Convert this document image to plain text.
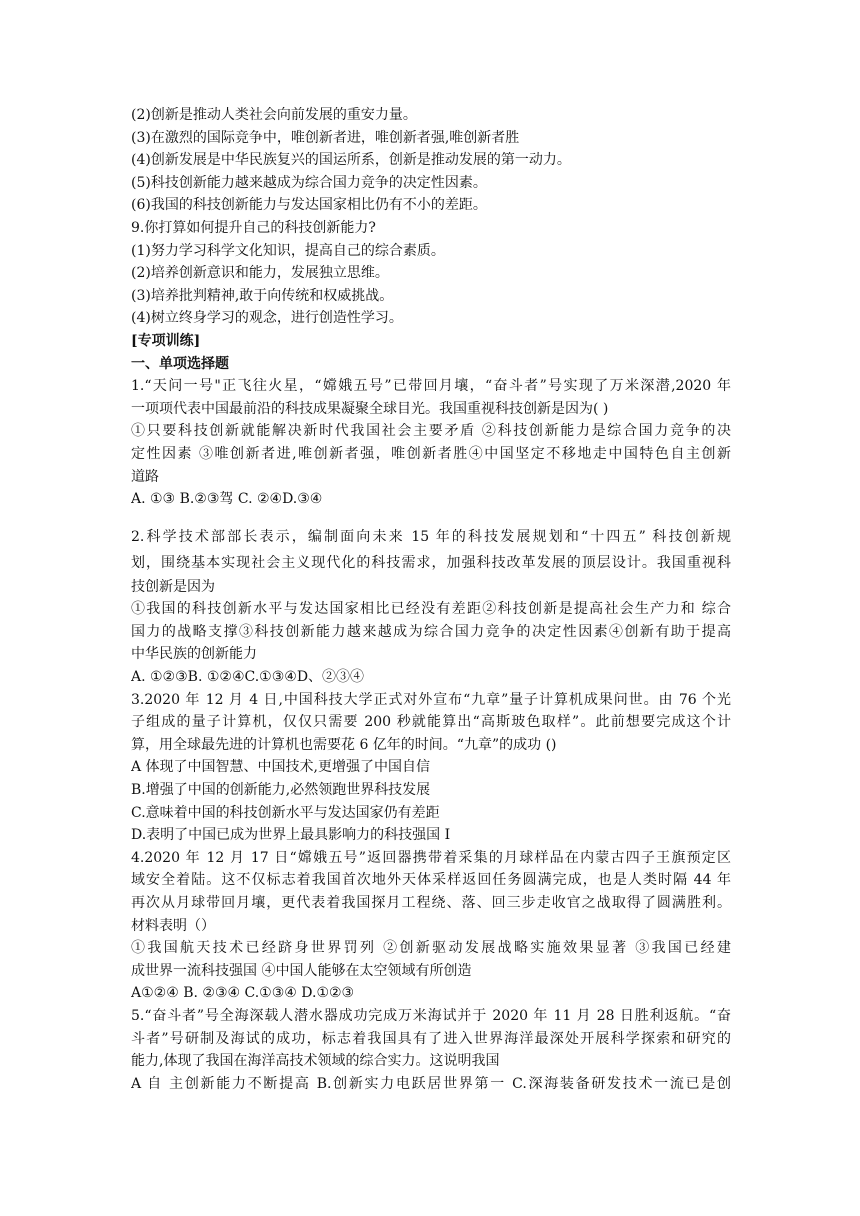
(2)创新是推动人类社会向前发展的重安力量。
(3)在激烈的国际竞争中，唯创新者进，唯创新者强,唯创新者胜
(4)创新发展是中华民族复兴的国运所系，创新是推动发展的第一动力。
(5)科技创新能力越来越成为综合国力竞争的决定性因素。
(6)我国的科技创新能力与发达国家相比仍有不小的差距。
9.你打算如何提升自己的科技创新能力?
(1)努力学习科学文化知识，提高自己的综合素质。
(2)培养创新意识和能力，发展独立思维。
(3)培养批判精神,敢于向传统和权威挑战。
(4)树立终身学习的观念，进行创造性学习。
[专项训练]
一、单项选择题
1.“天问一号"正飞往火星，“嫦娥五号”已带回月壤，“奋斗者”号实现了万米深潜,2020 年
一项项代表中国最前沿的科技成果凝聚全球目光。我国重视科技创新是因为( )
①只要科技创新就能解决新时代我国社会主要矛盾 ②科技创新能力是综合国力竞争的决
定性因素 ③唯创新者进,唯创新者强，唯创新者胜④中国坚定不移地走中国特色自主创新
道路
A. ①③ B.②③驾 C. ②④D.③④
2.科学技术部部长表示，编制面向未来 15 年的科技发展规划和“十四五” 科技创新规
划，围绕基本实现社会主义现代化的科技需求，加强科技改革发展的顶层设计。我国重视科
技创新是因为
①我国的科技创新水平与发达国家相比已经没有差距②科技创新是提高社会生产力和 综合
国力的战略支撑③科技创新能力越来越成为综合国力竞争的决定性因素④创新有助于提高
中华民族的创新能力
A. ①②③B. ①②④C.①③④D、②③④
3.2020 年 12 月 4 日,中国科技大学正式对外宣布“九章”量子计算机成果问世。由 76 个光
子组成的量子计算机，仅仅只需要 200 秒就能算出“高斯玻色取样”。此前想要完成这个计
算，用全球最先进的计算机也需要花 6 亿年的时间。“九章”的成功 ()
A 体现了中国智慧、中国技术,更增强了中国自信
B.增强了中国的创新能力,必然领跑世界科技发展
C.意味着中国的科技创新水平与发达国家仍有差距
D.表明了中国已成为世界上最具影响力的科技强国 I
4.2020 年 12 月 17 日“嫦娥五号”返回器携带着采集的月球样品在内蒙古四子王旗预定区
域安全着陆。这不仅标志着我国首次地外天体采样返回任务圆满完成，也是人类时隔 44 年
再次从月球带回月壤，更代表着我国探月工程绕、落、回三步走收官之战取得了圆满胜利。
材料表明（）
①我国航天技术已经跻身世界罚列 ②创新驱动发展战略实施效果显著 ③我国已经建
成世界一流科技强国 ④中国人能够在太空领域有所创造
A①②④ B. ②③④ C.①③④ D.①②③
5.“奋斗者”号全海深载人潜水器成功完成万米海试并于 2020 年 11 月 28 日胜利返航。“奋
斗者”号研制及海试的成功，标志着我国具有了进入世界海洋最深处开展科学探索和研究的
能力,体现了我国在海洋高技术领域的综合实力。这说明我国
A 自 主创新能力不断提高 B.创新实力电跃居世界第一 C.深海装备研发技术一流已是创
